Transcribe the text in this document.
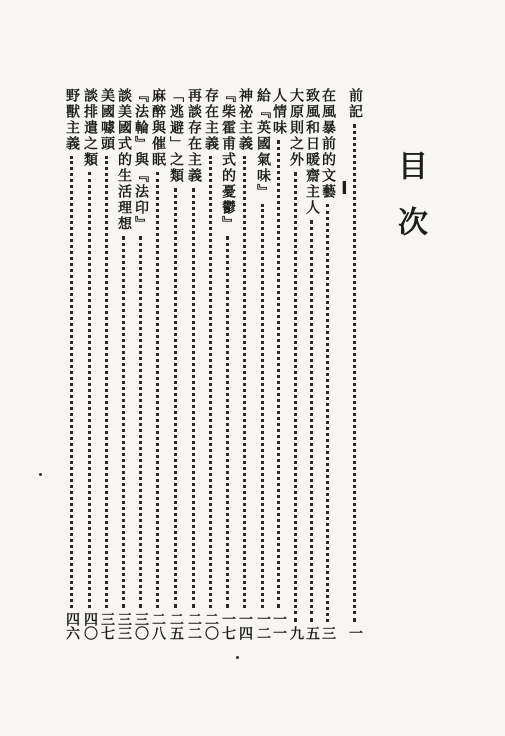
目次
I
前記
一
在風暴前的文藝
三
致風和日暖齋主人
五
大原則之外
九
人情味
一一
給『英國氣味』
一二
神祕主義
一四
『柴霍甫式的憂鬱』
一七
存在主義
二〇
再談存在主義
二二
「逃避」之類
二五
麻醉與催眠
二八
『法輪』與『法印』
三〇
談美國式的生活理想
三三
美國噱頭
三七
談排遣之類
四〇
野獸主義
四六
